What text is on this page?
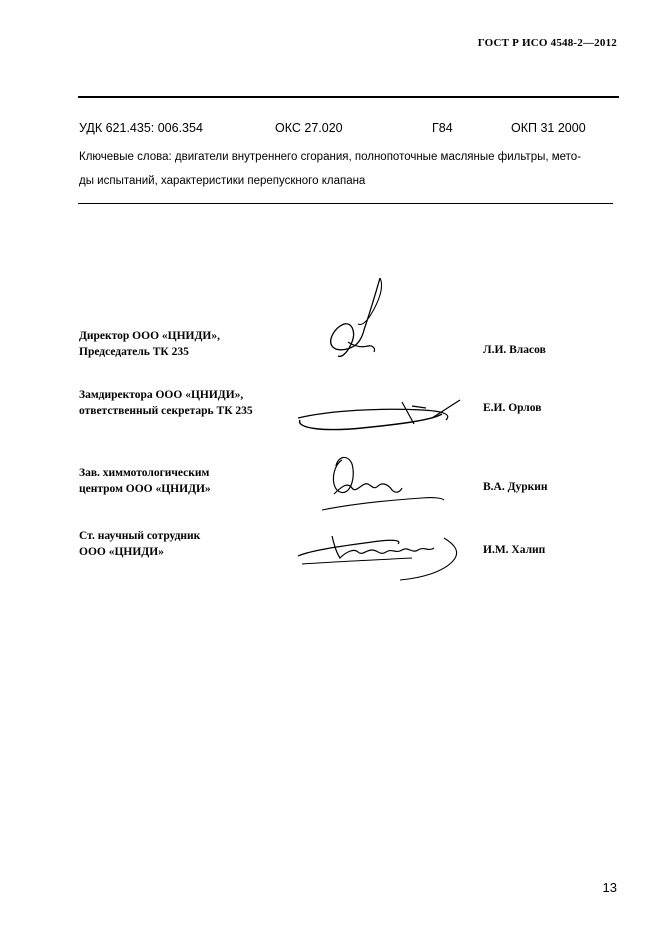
ГОСТ Р ИСО 4548-2—2012
УДК 621.435: 006.354	ОКС 27.020	Г84	ОКП 31 2000
Ключевые слова: двигатели внутреннего сгорания, полнопоточные масляные фильтры, мето-
ды испытаний, характеристики перепускного клапана
Директор ООО «ЦНИДИ»,
Председатель ТК 235	Л.И. Власов
Замдиректора ООО «ЦНИДИ»,
ответственный секретарь ТК 235	Е.И. Орлов
Зав. химмотологическим
центром ООО «ЦНИДИ»	В.А. Дуркин
Ст. научный сотрудник
ООО «ЦНИДИ»	И.М. Халип
13
